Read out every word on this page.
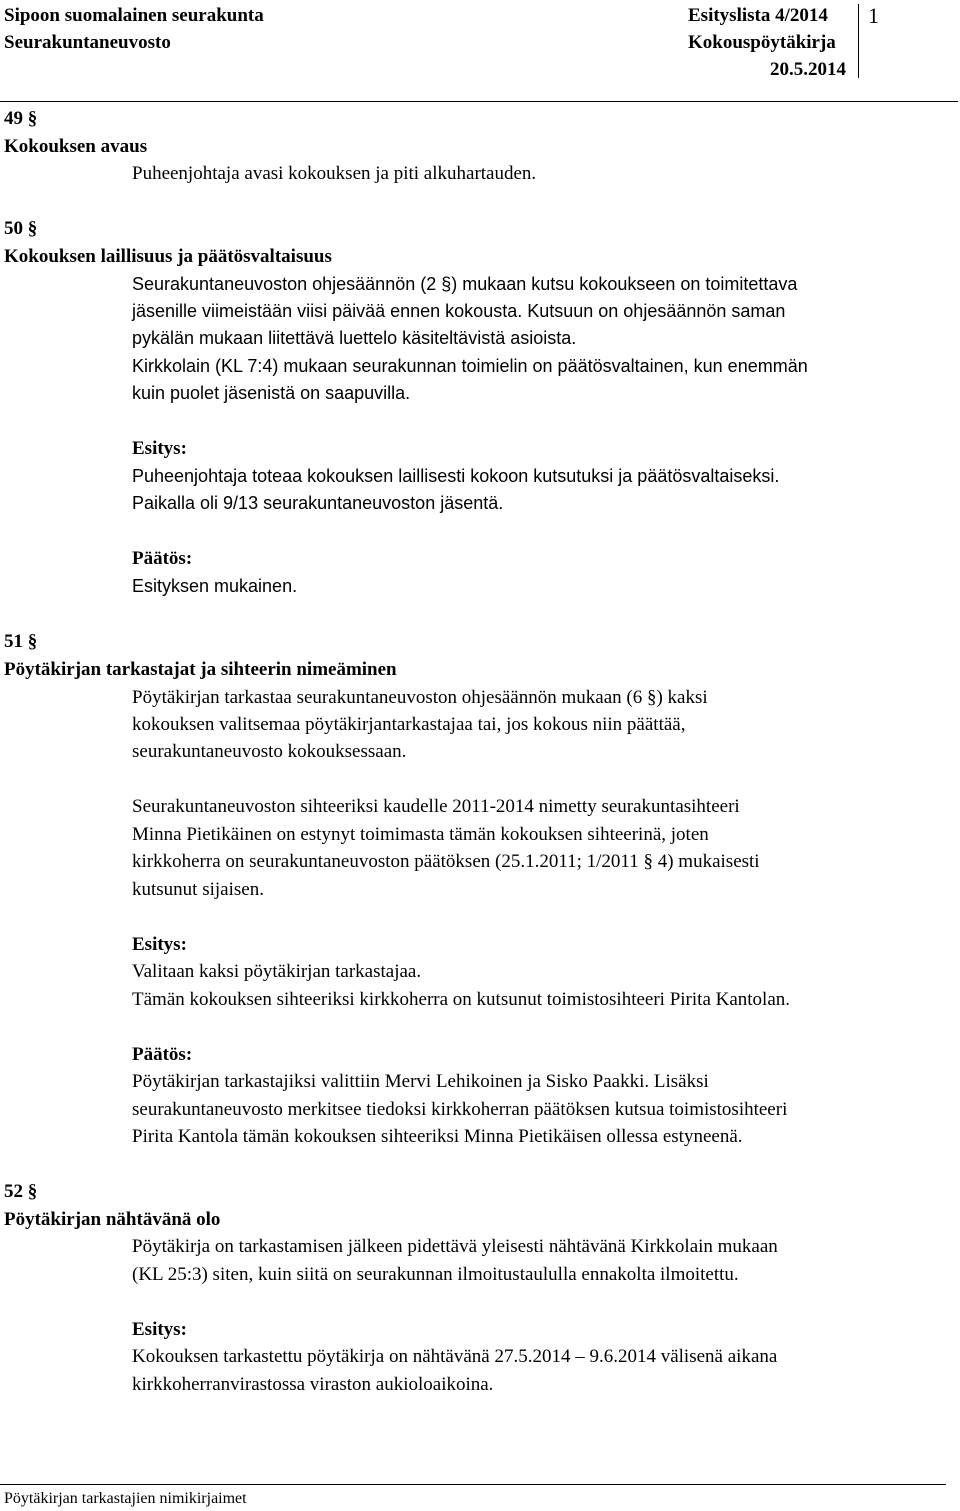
Sipoon suomalainen seurakunta
Seurakuntaneuvosto
Esityslista 4/2014
Kokouspöytäkirja
20.5.2014
1
49 §
Kokouksen avaus
Puheenjohtaja avasi kokouksen ja piti alkuhartauden.
50 §
Kokouksen laillisuus ja päätösvaltaisuus
Seurakuntaneuvoston ohjesäännön (2 §) mukaan kutsu kokoukseen on toimitettava
jäsenille viimeistään viisi päivää ennen kokousta. Kutsuun on ohjesäännön saman
pykälän mukaan liitettävä luettelo käsiteltävistä asioista.
Kirkkolain (KL 7:4) mukaan seurakunnan toimielin on päätösvaltainen, kun enemmän
kuin puolet jäsenistä on saapuvilla.
Esitys:
Puheenjohtaja toteaa kokouksen laillisesti kokoon kutsutuksi ja päätösvaltaiseksi.
Paikalla oli 9/13 seurakuntaneuvoston jäsentä.
Päätös:
Esityksen mukainen.
51 §
Pöytäkirjan tarkastajat ja sihteerin nimeäminen
Pöytäkirjan tarkastaa seurakuntaneuvoston ohjesäännön mukaan (6 §) kaksi
kokouksen valitsemaa pöytäkirjantarkastajaa tai, jos kokous niin päättää,
seurakuntaneuvosto kokouksessaan.
Seurakuntaneuvoston sihteeriksi kaudelle 2011-2014 nimetty seurakuntasihteeri
Minna Pietikäinen on estynyt toimimasta tämän kokouksen sihteerinä, joten
kirkkoherra on seurakuntaneuvoston päätöksen (25.1.2011; 1/2011 § 4) mukaisesti
kutsunut sijaisen.
Esitys:
Valitaan kaksi pöytäkirjan tarkastajaa.
Tämän kokouksen sihteeriksi kirkkoherra on kutsunut toimistosihteeri Pirita Kantolan.
Päätös:
Pöytäkirjan tarkastajiksi valittiin Mervi Lehikoinen ja Sisko Paakki. Lisäksi
seurakuntaneuvosto merkitsee tiedoksi kirkkoherran päätöksen kutsua toimistosihteeri
Pirita Kantola tämän kokouksen sihteeriksi Minna Pietikäisen ollessa estyneenä.
52 §
Pöytäkirjan nähtävänä olo
Pöytäkirja on tarkastamisen jälkeen pidettävä yleisesti nähtävänä Kirkkolain mukaan
(KL 25:3) siten, kuin siitä on seurakunnan ilmoitustaululla ennakolta ilmoitettu.
Esitys:
Kokouksen tarkastettu pöytäkirja on nähtävänä 27.5.2014 – 9.6.2014 välisenä aikana
kirkkoherranvirastossa viraston aukioloaikoina.
Pöytäkirjan tarkastajien nimikirjaimet
